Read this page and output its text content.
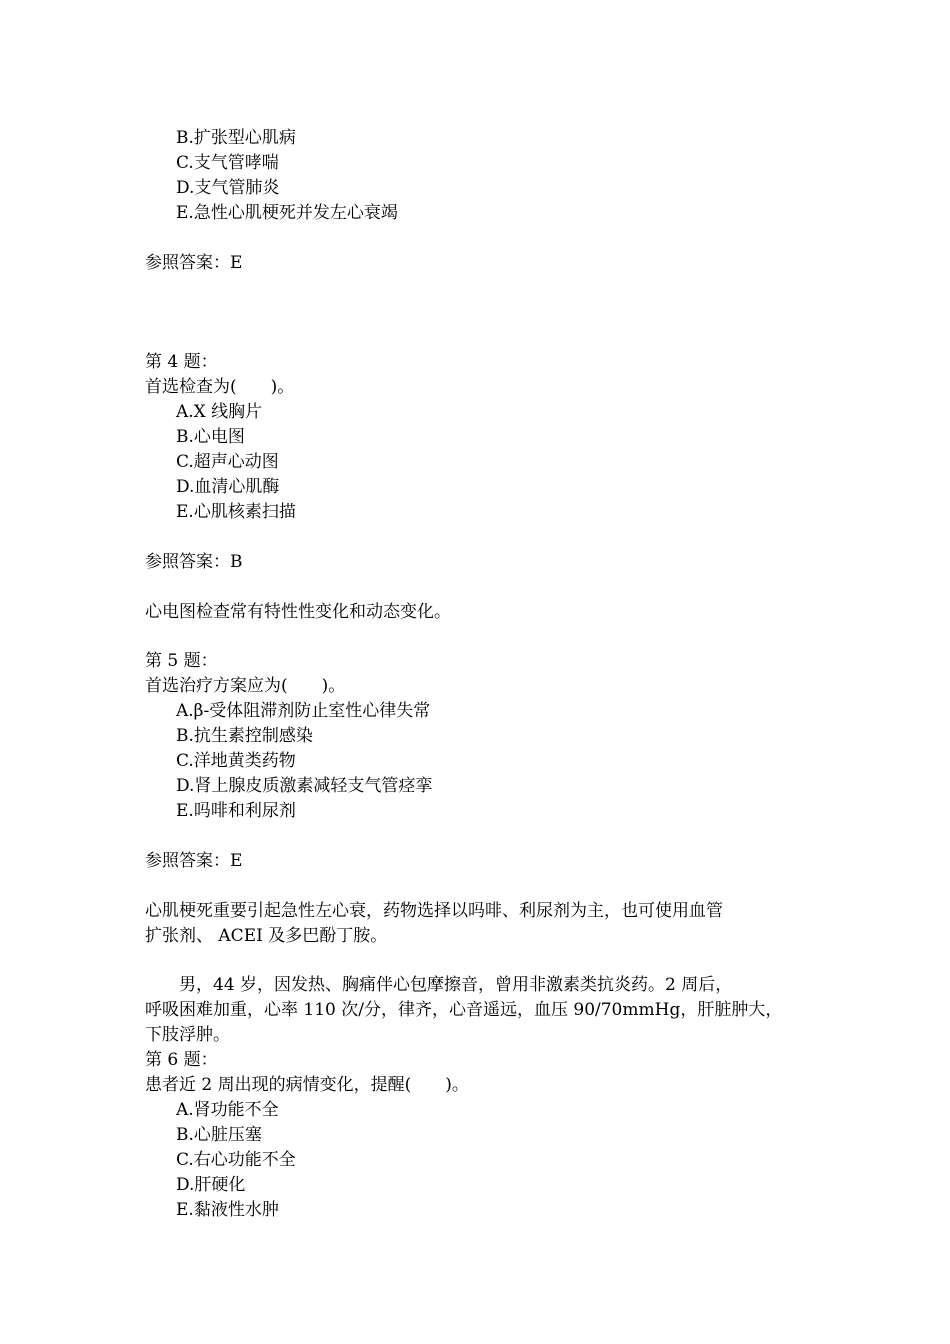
B.扩张型心肌病
C.支气管哮喘
D.支气管肺炎
E.急性心肌梗死并发左心衰竭
参照答案：E
第 4 题：
首选检查为(　　)。
A.X 线胸片
B.心电图
C.超声心动图
D.血清心肌酶
E.心肌核素扫描
参照答案：B
心电图检查常有特性性变化和动态变化。
第 5 题：
首选治疗方案应为(　　)。
A.β-受体阻滞剂防止室性心律失常
B.抗生素控制感染
C.洋地黄类药物
D.肾上腺皮质激素减轻支气管痉挛
E.吗啡和利尿剂
参照答案：E
心肌梗死重要引起急性左心衰，药物选择以吗啡、利尿剂为主，也可使用血管
扩张剂、 ACEI 及多巴酚丁胺。
　　男，44 岁，因发热、胸痛伴心包摩擦音，曾用非激素类抗炎药。2 周后，
呼吸困难加重，心率 110 次/分，律齐，心音遥远，血压 90/70mmHg，肝脏肿大，
下肢浮肿。
第 6 题：
患者近 2 周出现的病情变化，提醒(　　)。
A.肾功能不全
B.心脏压塞
C.右心功能不全
D.肝硬化
E.黏液性水肿
